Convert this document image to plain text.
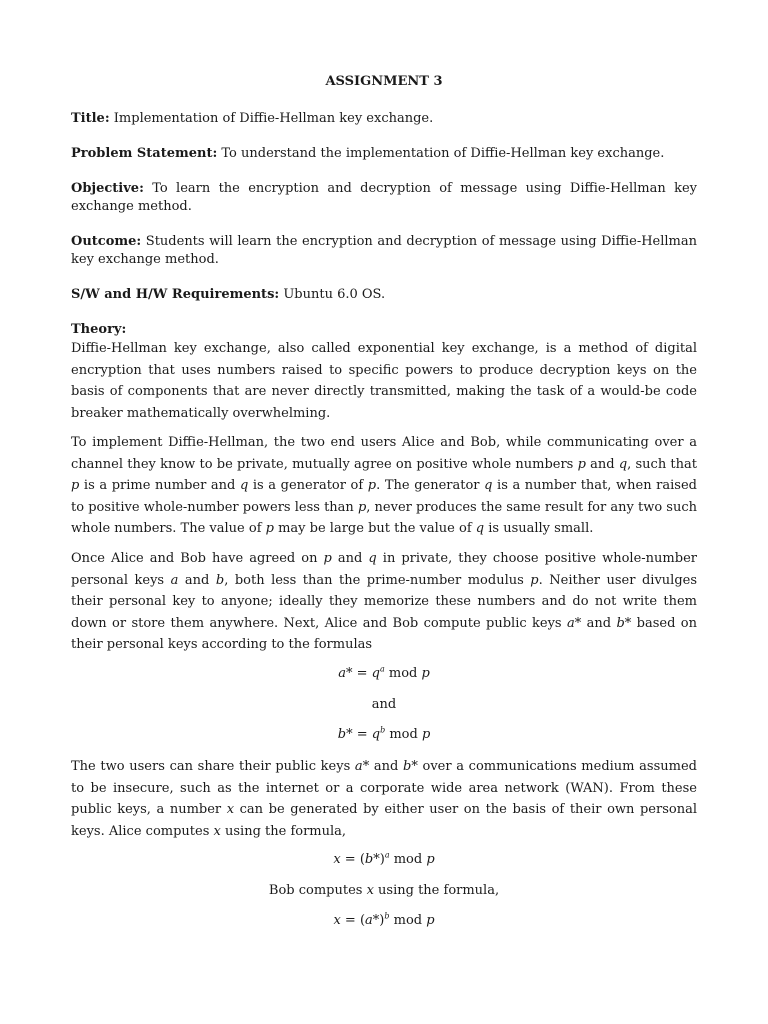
ASSIGNMENT 3
Title: Implementation of Diffie-Hellman key exchange.
Problem Statement: To understand the implementation of Diffie-Hellman key exchange.
Objective: To learn the encryption and decryption of message using Diffie-Hellman key exchange method.
Outcome: Students will learn the encryption and decryption of message using Diffie-Hellman key exchange method.
S/W and H/W Requirements: Ubuntu 6.0 OS.
Theory:
Diffie-Hellman key exchange, also called exponential key exchange, is a method of digital encryption that uses numbers raised to specific powers to produce decryption keys on the basis of components that are never directly transmitted, making the task of a would-be code breaker mathematically overwhelming.
To implement Diffie-Hellman, the two end users Alice and Bob, while communicating over a channel they know to be private, mutually agree on positive whole numbers p and q, such that p is a prime number and q is a generator of p. The generator q is a number that, when raised to positive whole-number powers less than p, never produces the same result for any two such whole numbers. The value of p may be large but the value of q is usually small.
Once Alice and Bob have agreed on p and q in private, they choose positive whole-number personal keys a and b, both less than the prime-number modulus p. Neither user divulges their personal key to anyone; ideally they memorize these numbers and do not write them down or store them anywhere. Next, Alice and Bob compute public keys a* and b* based on their personal keys according to the formulas
$a* = q^a$ mod p
and
$b* = q^b$ mod p
The two users can share their public keys a* and b* over a communications medium assumed to be insecure, such as the internet or a corporate wide area network (WAN). From these public keys, a number x can be generated by either user on the basis of their own personal keys. Alice computes x using the formula,
$x = (b*)^a$ mod p
Bob computes x using the formula,
$x = (a*)^b$ mod p
